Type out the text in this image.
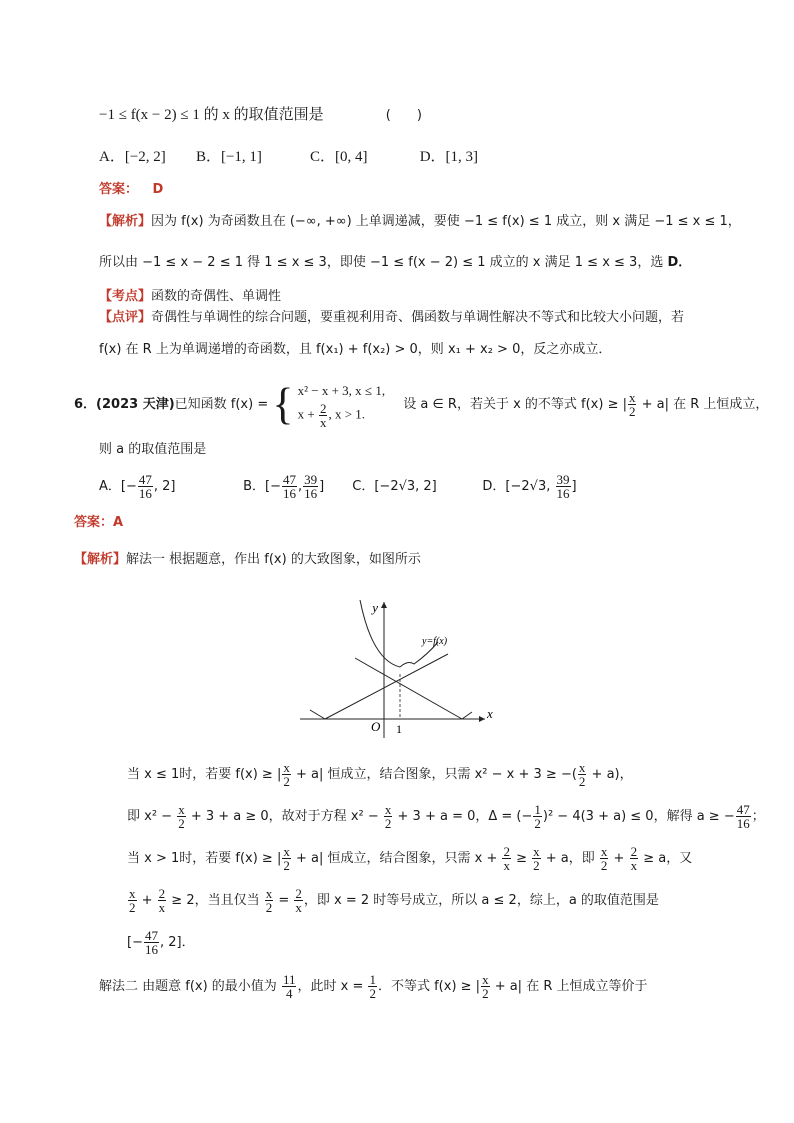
−1 ≤ f(x − 2) ≤ 1 的 x 的取值范围是	(　　)
A．[−2, 2] B．[−1, 1]	C．[0, 4]	D．[1, 3]
答案： D
【解析】因为 f(x) 为奇函数且在 (−∞, +∞) 上单调递减，要使 −1 ≤ f(x) ≤ 1 成立，则 x 满足 −1 ≤ x ≤ 1，
所以由 −1 ≤ x − 2 ≤ 1 得 1 ≤ x ≤ 3，即使 −1 ≤ f(x − 2) ≤ 1 成立的 x 满足 1 ≤ x ≤ 3，选 D．
【考点】函数的奇偶性、单调性
【点评】奇偶性与单调性的综合问题，要重视利用奇、偶函数与单调性解决不等式和比较大小问题，若
f(x) 在 R 上为单调递增的奇函数，且 f(x₁) + f(x₂) > 0，则 x₁ + x₂ > 0，反之亦成立．
6．(2023 天津)已知函数 f(x) = { x² − x + 3, x ≤ 1,
$x + \frac{2}{x}$ , x > 1.
设 a ∈ R，若关于 x 的不等式 f(x) ≥ | $\frac{x}{2} + a|$ 在 R 上恒成立，
则 a 的取值范围是
A．[− $\frac{47}{16}$ , 2]	B．[− $\frac{47}{16}$ , $\frac{39}{16}$ ] C．[−2√3, 2]	D．[−2√3, $\frac{39}{16}$ ]
答案：A
【解析】解法一 根据题意，作出 f(x) 的大致图象，如图所示
y
x
O 1
y=f(x)
当 x ≤ 1时，若要 f(x) ≥ | $\frac{x}{2} + a|$ 恒成立，结合图象，只需 x² − x + 3 ≥ −( $\frac{x}{2} + a$)，
即 $x^2 - \frac{x}{2} + 3 + a \ge 0$，故对于方程 $x^2 - \frac{x}{2} + 3 + a = 0$，Δ = (− $\frac{1}{2} )^2 - 4(3 + a) \le 0$，解得 a ≥ − $\frac{47}{16}$ ；
当 x > 1时，若要 f(x) ≥ | $\frac{x}{2} + a|$ 恒成立，结合图象，只需 $x + \frac{2}{x} \ge \frac{x}{2} + a$，即 $\frac{x}{2} + \frac{2}{x} \ge a$，又
$\frac{x}{2} + \frac{2}{x} \ge 2$，当且仅当 $\frac{x}{2} = \frac{2}{x}$ ，即 x = 2 时等号成立，所以 a ≤ 2，综上，a 的取值范围是
[− $\frac{47}{16}$ , 2]．
解法二 由题意 f(x) 的最小值为 $\frac{11}{4}$ ，此时 $x = \frac{1}{2}$ ．不等式 f(x) ≥ | $\frac{x}{2} + a|$ 在 R 上恒成立等价于
